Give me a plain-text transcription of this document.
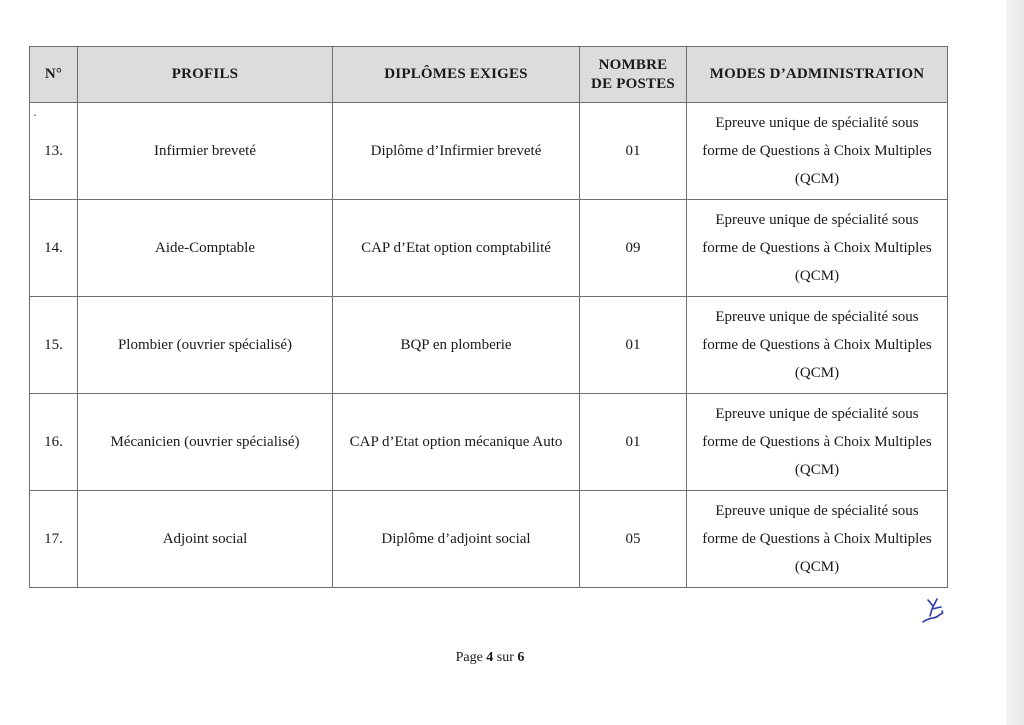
N°	PROFILS	DIPLÔMES EXIGES	NOMBRE DE POSTES	MODES D’ADMINISTRATION

·
13.	Infirmier breveté	Diplôme d’Infirmier breveté	01	Epreuve unique de spécialité sous forme de Questions à Choix Multiples (QCM)

14.	Aide-Comptable	CAP d’Etat option comptabilité	09	Epreuve unique de spécialité sous forme de Questions à Choix Multiples (QCM)

15.	Plombier (ouvrier spécialisé)	BQP en plomberie	01	Epreuve unique de spécialité sous forme de Questions à Choix Multiples (QCM)

16.	Mécanicien (ouvrier spécialisé)	CAP d’Etat option mécanique Auto	01	Epreuve unique de spécialité sous forme de Questions à Choix Multiples (QCM)

17.	Adjoint social	Diplôme d’adjoint social	05	Epreuve unique de spécialité sous forme de Questions à Choix Multiples (QCM)
Page 4 sur 6
